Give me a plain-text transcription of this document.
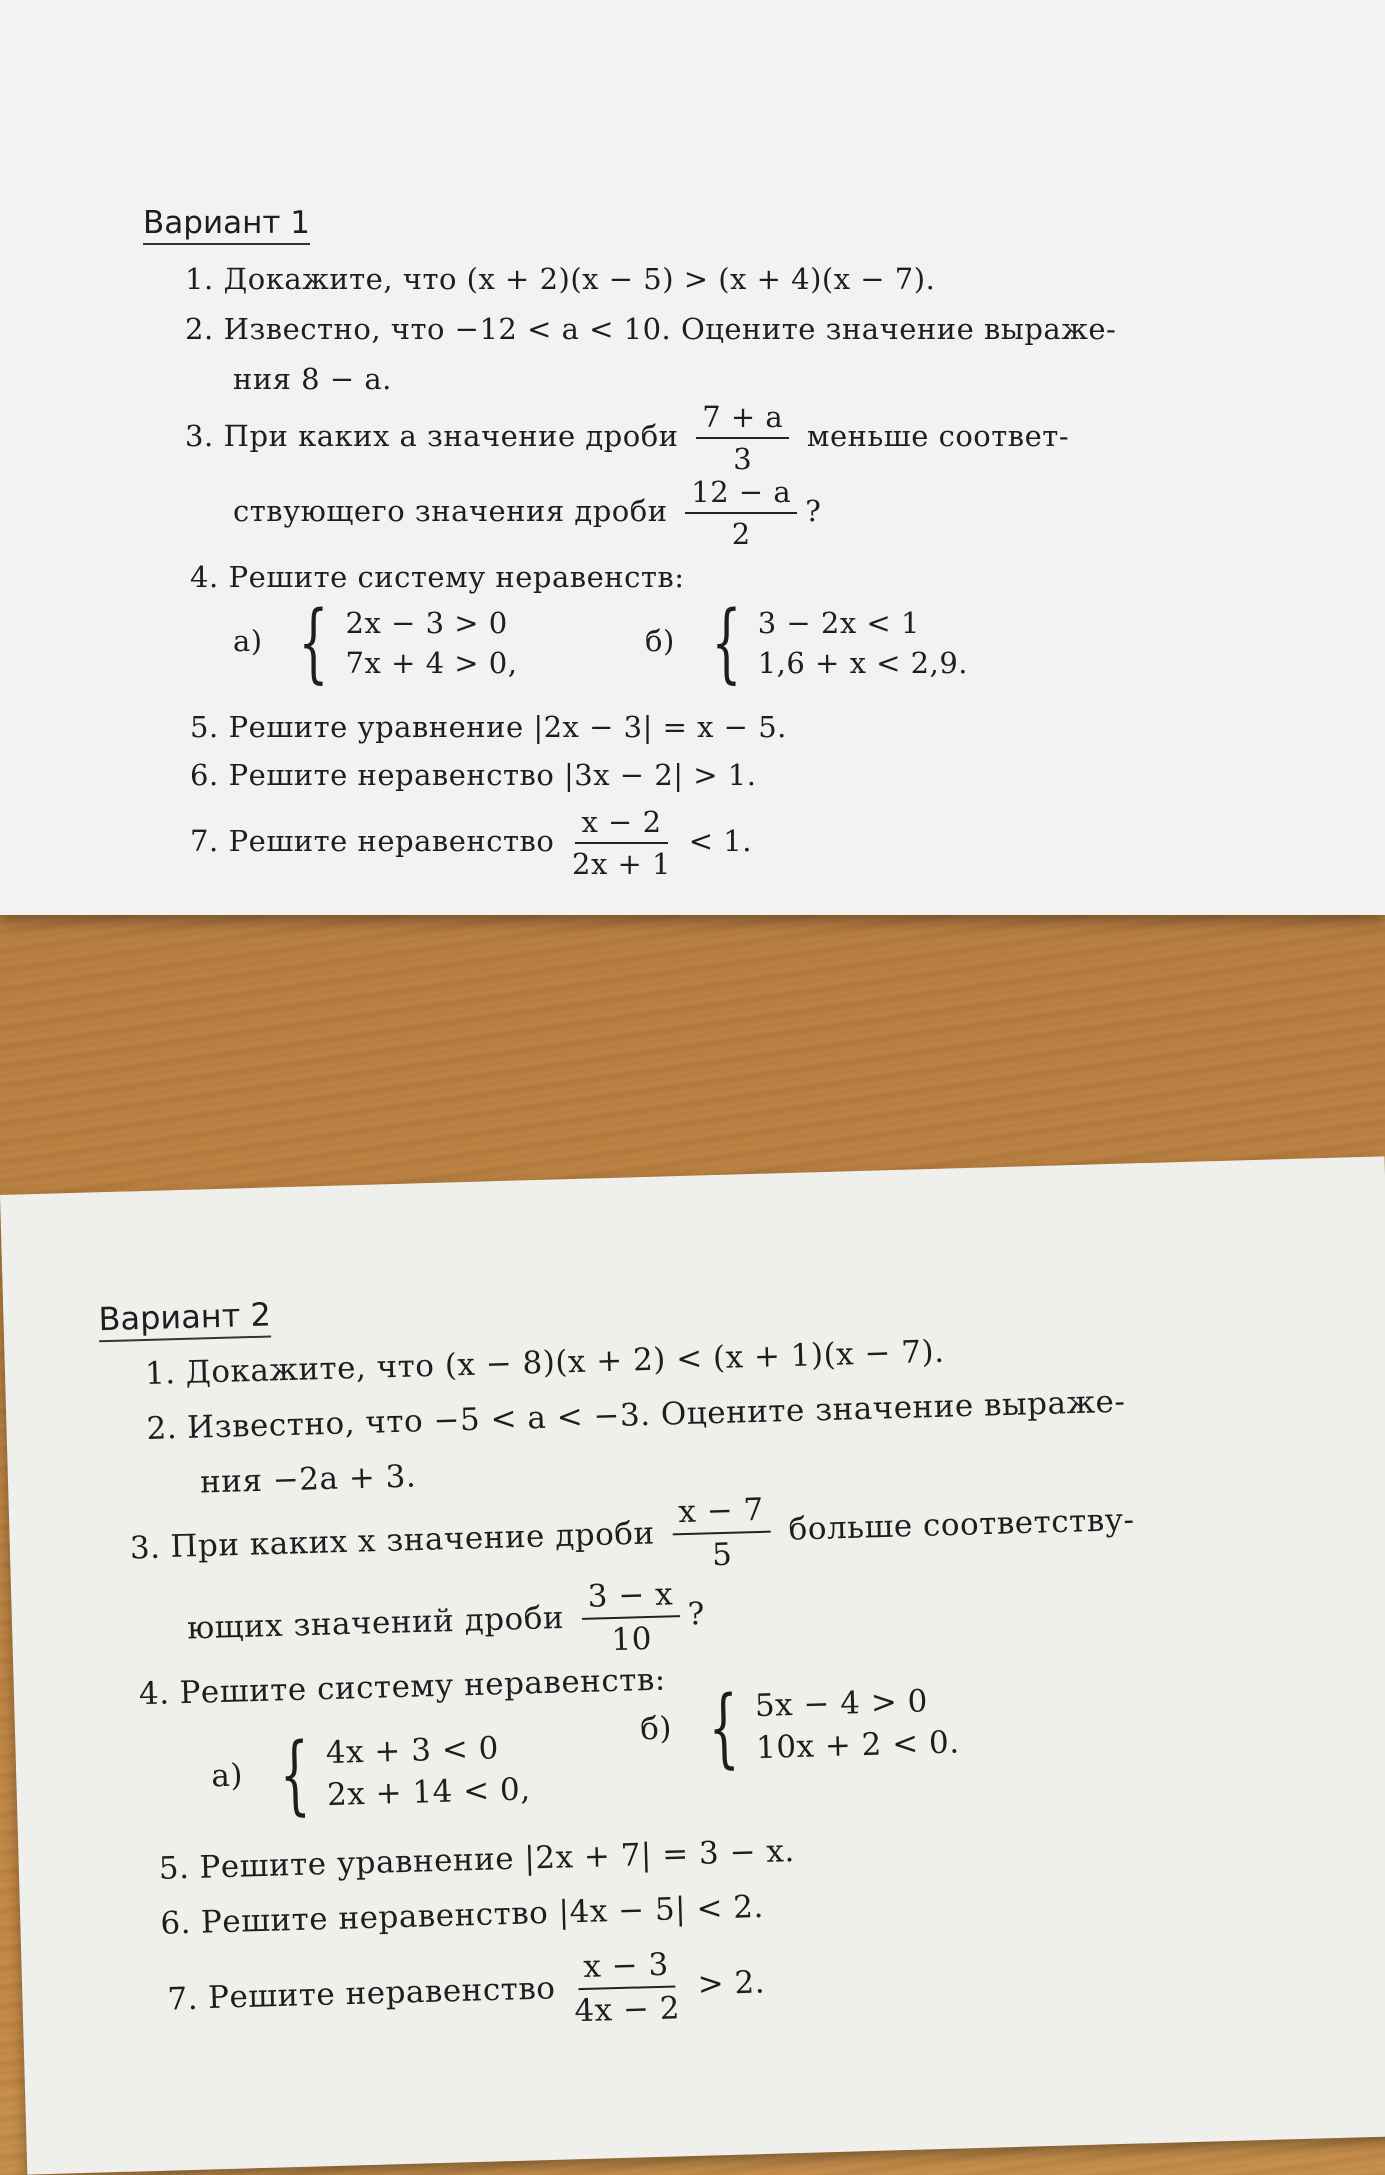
Вариант 1
1. Докажите, что (x + 2)(x − 5) > (x + 4)(x − 7).
2. Известно, что −12 < a < 10. Оцените значение выраже-
ния 8 − a.
3. При каких a значение дроби $\frac{7 + a}{3}$ меньше соответ-
ствующего значения дроби $\frac{12 - a}{2}$ ?
4. Решите систему неравенств:
а) { 2x − 3 > 0
7x + 4 > 0,
б) { 3 − 2x < 1
1,6 + x < 2,9.
5. Решите уравнение |2x − 3| = x − 5.
6. Решите неравенство |3x − 2| > 1.
7. Решите неравенство $\frac{x - 2}{2x + 1} < 1$.
Вариант 2
1. Докажите, что (x − 8)(x + 2) < (x + 1)(x − 7).
2. Известно, что −5 < a < −3. Оцените значение выраже-
ния −2a + 3.
3. При каких x значение дроби $\frac{x - 7}{5}$ больше соответству-
ющих значений дроби $\frac{3 - x}{10}$ ?
4. Решите систему неравенств:
а) { 4x + 3 < 0
2x + 14 < 0,
б) { 5x − 4 > 0
10x + 2 < 0.
5. Решите уравнение |2x + 7| = 3 − x.
6. Решите неравенство |4x − 5| < 2.
7. Решите неравенство $\frac{x - 3}{4x - 2} > 2$.
